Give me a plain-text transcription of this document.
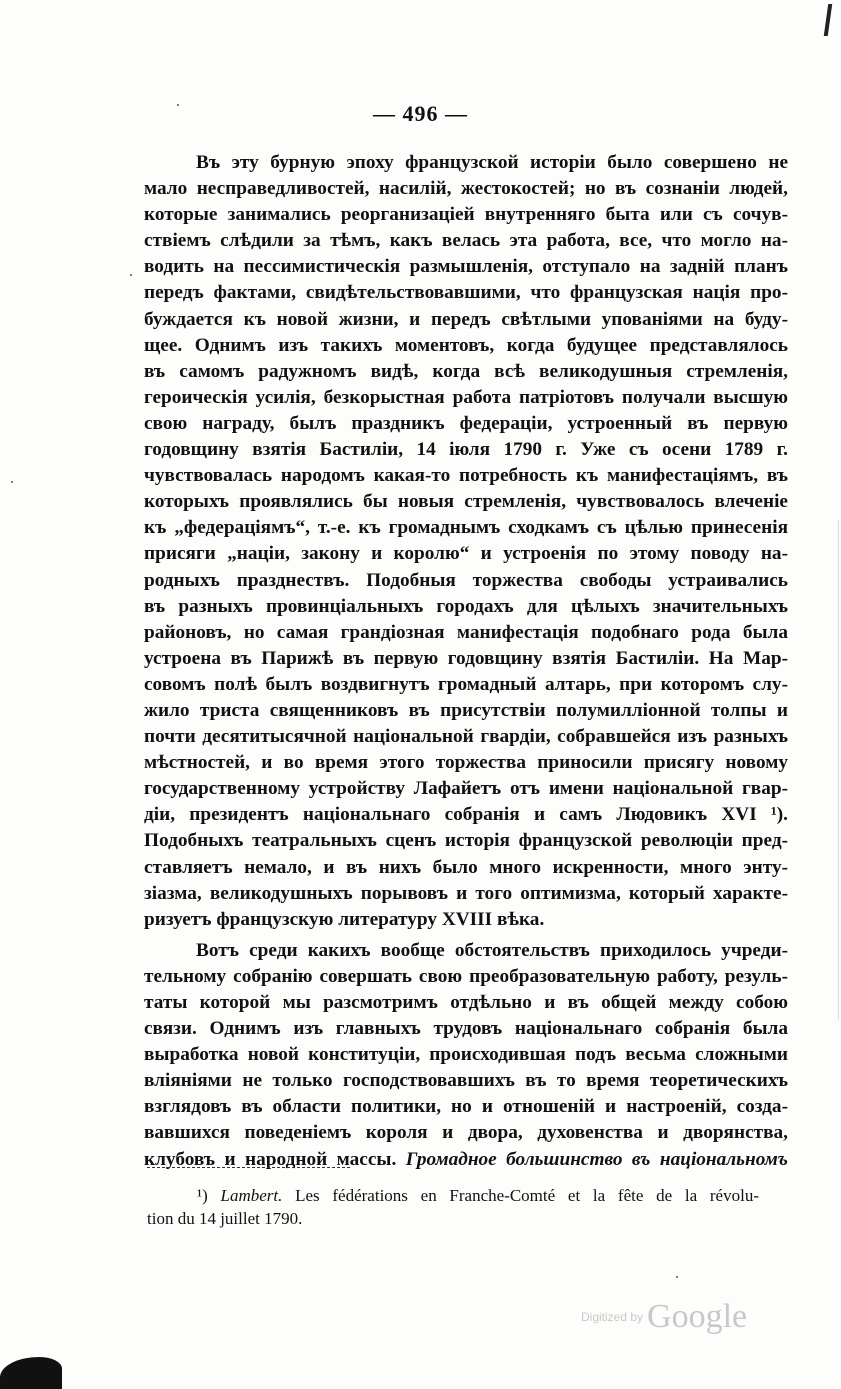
— 496 —
Въ эту бурную эпоху французской исторіи было совершено не
мало несправедливостей, насилій, жестокостей; но въ сознаніи людей,
которые занимались реорганизаціей внутренняго быта или съ сочув-
ствіемъ слѣдили за тѣмъ, какъ велась эта работа, все, что могло на-
водить на пессимистическія размышленія, отступало на задній планъ
передъ фактами, свидѣтельствовавшими, что французская нація про-
буждается къ новой жизни, и передъ свѣтлыми упованіями на буду-
щее. Однимъ изъ такихъ моментовъ, когда будущее представлялось
въ самомъ радужномъ видѣ, когда всѣ великодушныя стремленія,
героическія усилія, безкорыстная работа патріотовъ получали высшую
свою награду, былъ праздникъ федераціи, устроенный въ первую
годовщину взятія Бастиліи, 14 іюля 1790 г. Уже съ осени 1789 г.
чувствовалась народомъ какая-то потребность къ манифестаціямъ, въ
которыхъ проявлялись бы новыя стремленія, чувствовалось влеченіе
къ „федераціямъ“, т.-е. къ громаднымъ сходкамъ съ цѣлью принесенія
присяги „націи, закону и королю“ и устроенія по этому поводу на-
родныхъ празднествъ. Подобныя торжества свободы устраивались
въ разныхъ провинціальныхъ городахъ для цѣлыхъ значительныхъ
районовъ, но самая грандіозная манифестація подобнаго рода была
устроена въ Парижѣ въ первую годовщину взятія Бастиліи. На Мар-
совомъ полѣ былъ воздвигнутъ громадный алтарь, при которомъ слу-
жило триста священниковъ въ присутствіи полумилліонной толпы и
почти десятитысячной національной гвардіи, собравшейся изъ разныхъ
мѣстностей, и во время этого торжества приносили присягу новому
государственному устройству Лафайетъ отъ имени національной гвар-
діи, президентъ національнаго собранія и самъ Людовикъ XVI ¹).
Подобныхъ театральныхъ сценъ исторія французской революціи пред-
ставляетъ немало, и въ нихъ было много искренности, много энту-
зіазма, великодушныхъ порывовъ и того оптимизма, который характе-
ризуетъ французскую литературу XVIII вѣка.
Вотъ среди какихъ вообще обстоятельствъ приходилось учреди-
тельному собранію совершать свою преобразовательную работу, резуль-
таты которой мы разсмотримъ отдѣльно и въ общей между собою
связи. Однимъ изъ главныхъ трудовъ національнаго собранія была
выработка новой конституціи, происходившая подъ весьма сложными
вліяніями не только господствовавшихъ въ то время теоретическихъ
взглядовъ въ области политики, но и отношеній и настроеній, созда-
вавшихся поведеніемъ короля и двора, духовенства и дворянства,
клубовъ и народной массы. Громадное большинство въ національномъ
¹) Lambert. Les fédérations en Franche-Comté et la fête de la révolu-
tion du 14 juillet 1790.
Digitized by Google
